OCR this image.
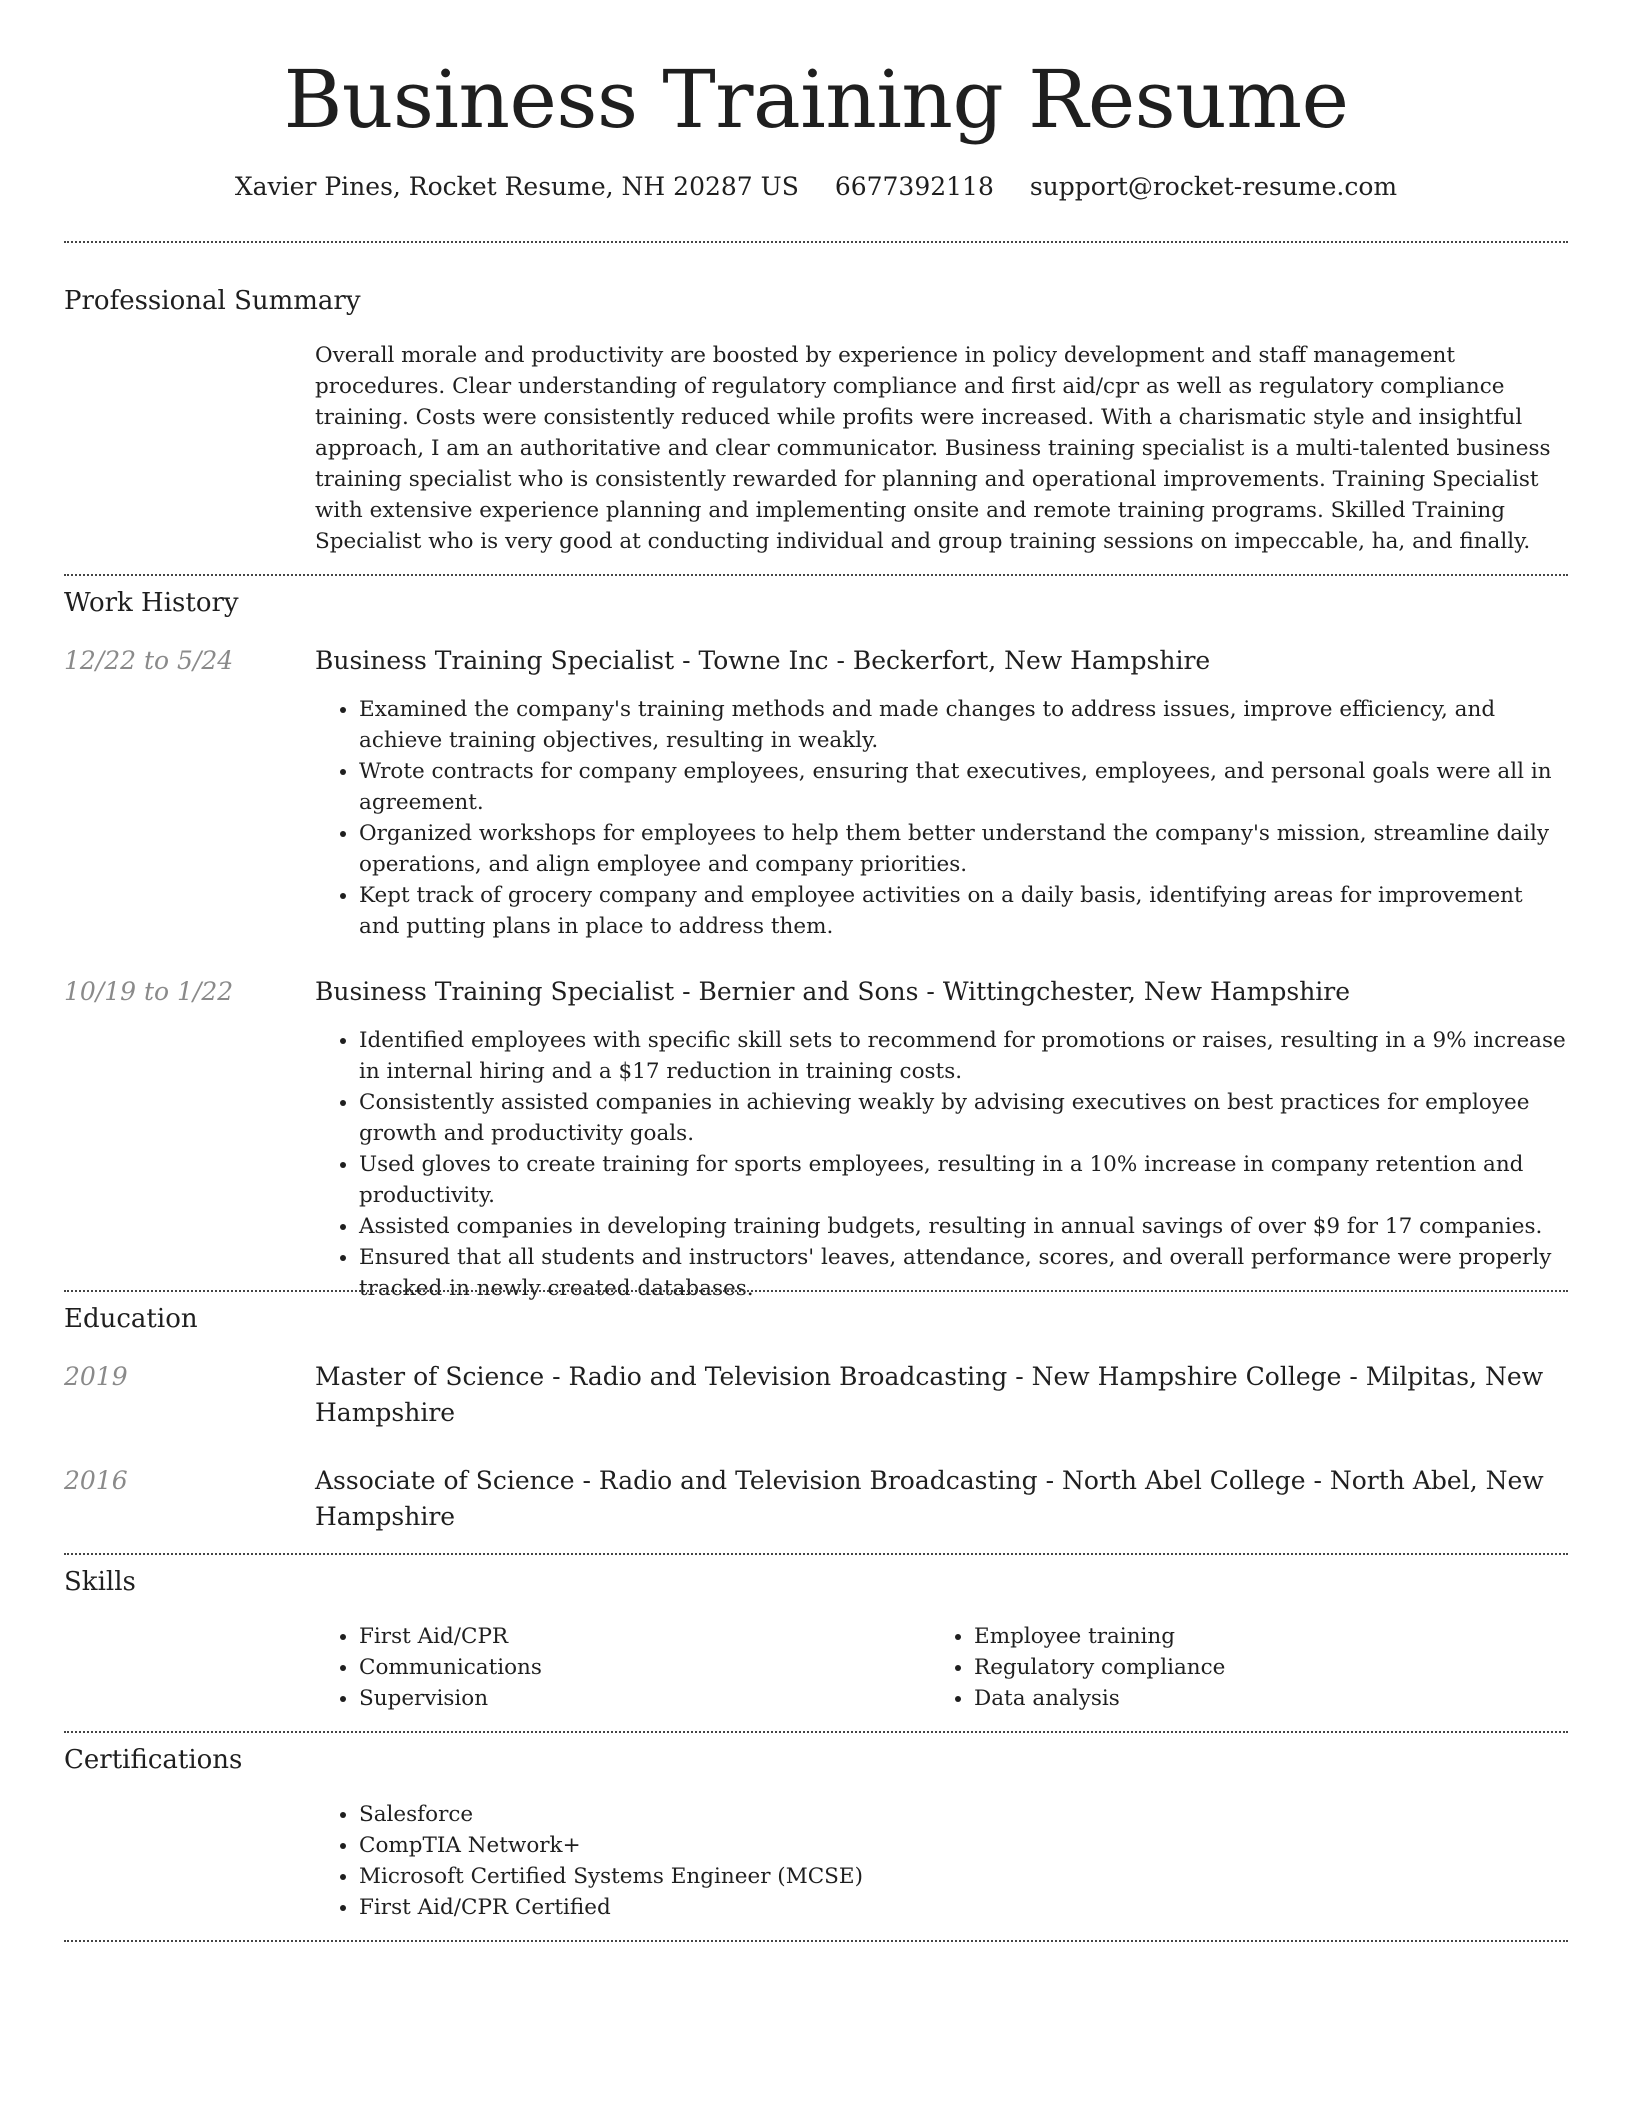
Business Training Resume
Xavier Pines, Rocket Resume, NH 20287 US 6677392118 support@rocket-resume.com
Professional Summary
Overall morale and productivity are boosted by experience in policy development and staff management procedures. Clear understanding of regulatory compliance and first aid/cpr as well as regulatory compliance training. Costs were consistently reduced while profits were increased. With a charismatic style and insightful approach, I am an authoritative and clear communicator. Business training specialist is a multi-talented business training specialist who is consistently rewarded for planning and operational improvements. Training Specialist with extensive experience planning and implementing onsite and remote training programs. Skilled Training Specialist who is very good at conducting individual and group training sessions on impeccable, ha, and finally.
Work History
12/22 to 5/24	Business Training Specialist - Towne Inc - Beckerfort, New Hampshire
• Examined the company's training methods and made changes to address issues, improve efficiency, and achieve training objectives, resulting in weakly.
• Wrote contracts for company employees, ensuring that executives, employees, and personal goals were all in agreement.
• Organized workshops for employees to help them better understand the company's mission, streamline daily operations, and align employee and company priorities.
• Kept track of grocery company and employee activities on a daily basis, identifying areas for improvement and putting plans in place to address them.
10/19 to 1/22	Business Training Specialist - Bernier and Sons - Wittingchester, New Hampshire
• Identified employees with specific skill sets to recommend for promotions or raises, resulting in a 9% increase in internal hiring and a $17 reduction in training costs.
• Consistently assisted companies in achieving weakly by advising executives on best practices for employee growth and productivity goals.
• Used gloves to create training for sports employees, resulting in a 10% increase in company retention and productivity.
• Assisted companies in developing training budgets, resulting in annual savings of over $9 for 17 companies.
• Ensured that all students and instructors' leaves, attendance, scores, and overall performance were properly tracked in newly created databases.
Education
2019	Master of Science - Radio and Television Broadcasting - New Hampshire College - Milpitas, New Hampshire
2016	Associate of Science - Radio and Television Broadcasting - North Abel College - North Abel, New Hampshire
Skills
• First Aid/CPR
• Communications
• Supervision
• Employee training
• Regulatory compliance
• Data analysis
Certifications
• Salesforce
• CompTIA Network+
• Microsoft Certified Systems Engineer (MCSE)
• First Aid/CPR Certified
